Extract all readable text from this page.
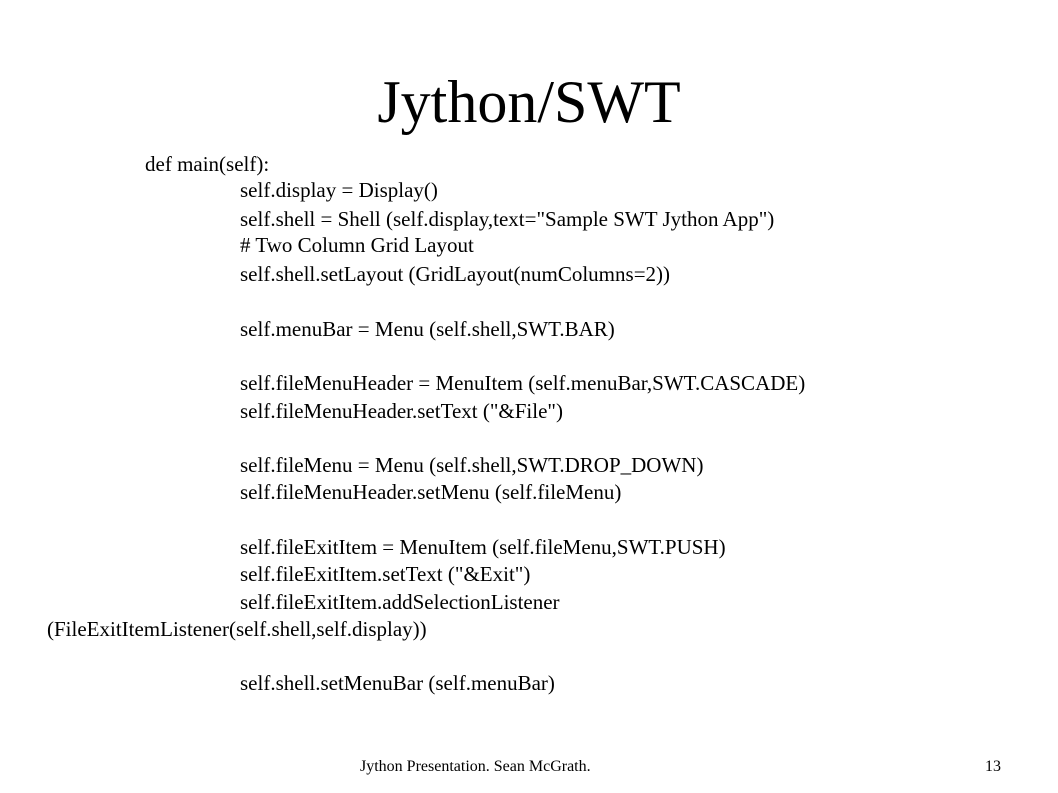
Jython/SWT
def main(self):
self.display = Display()
self.shell = Shell (self.display,text="Sample SWT Jython App")
# Two Column Grid Layout
self.shell.setLayout (GridLayout(numColumns=2))
self.menuBar = Menu (self.shell,SWT.BAR)
self.fileMenuHeader = MenuItem (self.menuBar,SWT.CASCADE)
self.fileMenuHeader.setText ("&File")
self.fileMenu = Menu (self.shell,SWT.DROP_DOWN)
self.fileMenuHeader.setMenu (self.fileMenu)
self.fileExitItem = MenuItem (self.fileMenu,SWT.PUSH)
self.fileExitItem.setText ("&Exit")
self.fileExitItem.addSelectionListener
(FileExitItemListener(self.shell,self.display))
self.shell.setMenuBar (self.menuBar)
Jython Presentation. Sean McGrath.	13
